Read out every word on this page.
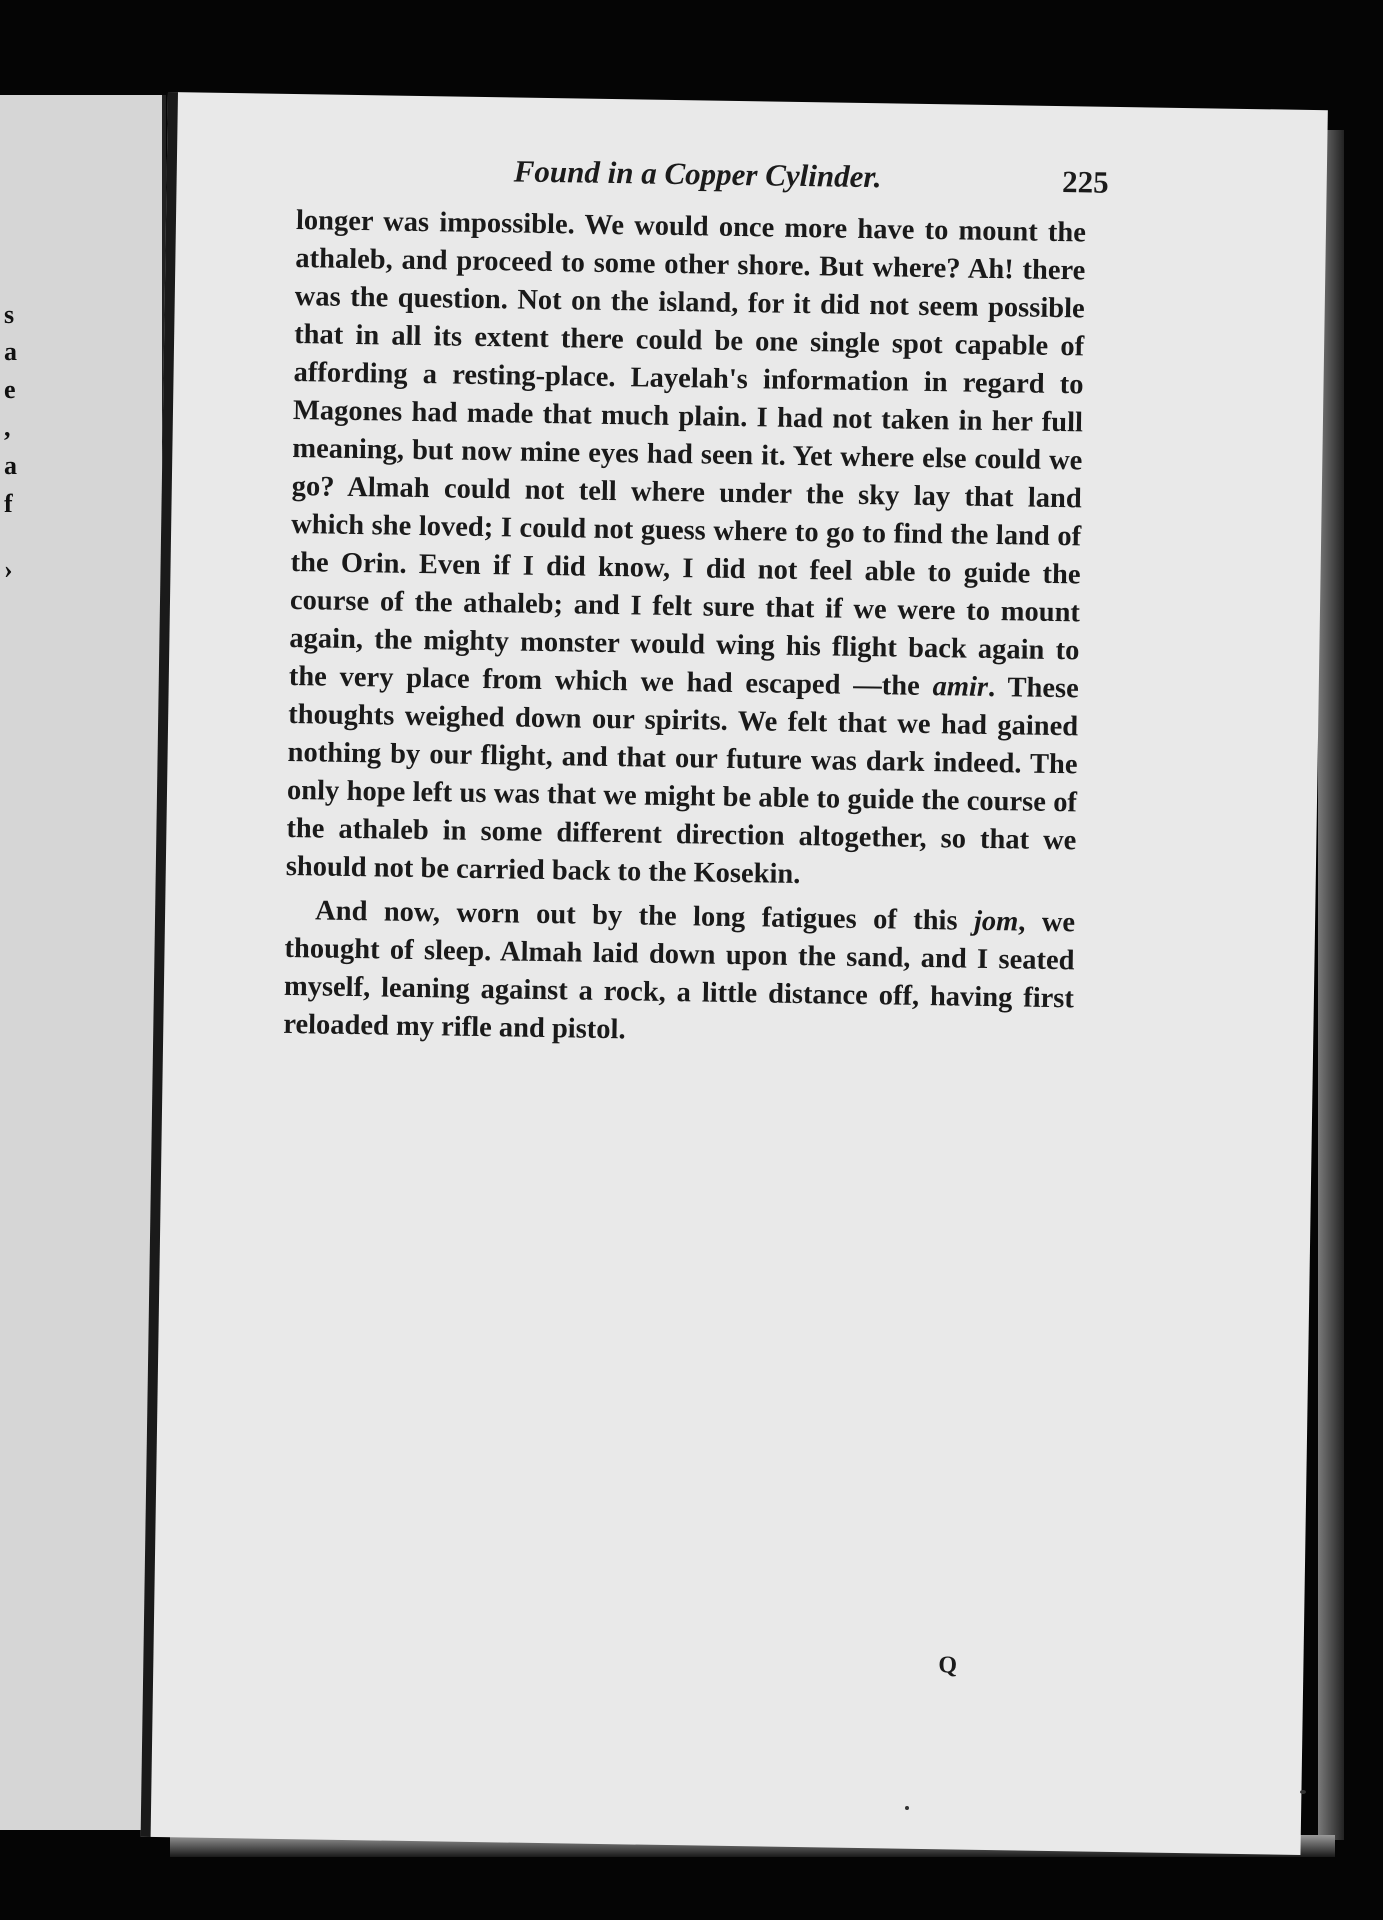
s
a
e
,
a
f
›
Found in a Copper Cylinder.	225

longer was impossible. We would once more have to mount the athaleb, and proceed to some other shore. But where? Ah! there was the question. Not on the island, for it did not seem possible that in all its extent there could be one single spot capable of affording a resting-place. Layelah's information in regard to Magones had made that much plain. I had not taken in her full meaning, but now mine eyes had seen it. Yet where else could we go? Almah could not tell where under the sky lay that land which she loved; I could not guess where to go to find the land of the Orin. Even if I did know, I did not feel able to guide the course of the athaleb; and I felt sure that if we were to mount again, the mighty monster would wing his flight back again to the very place from which we had escaped —the amir. These thoughts weighed down our spirits. We felt that we had gained nothing by our flight, and that our future was dark indeed. The only hope left us was that we might be able to guide the course of the athaleb in some different direction altogether, so that we should not be carried back to the Kosekin.

And now, worn out by the long fatigues of this jom, we thought of sleep. Almah laid down upon the sand, and I seated myself, leaning against a rock, a little distance off, having first reloaded my rifle and pistol.

Q
